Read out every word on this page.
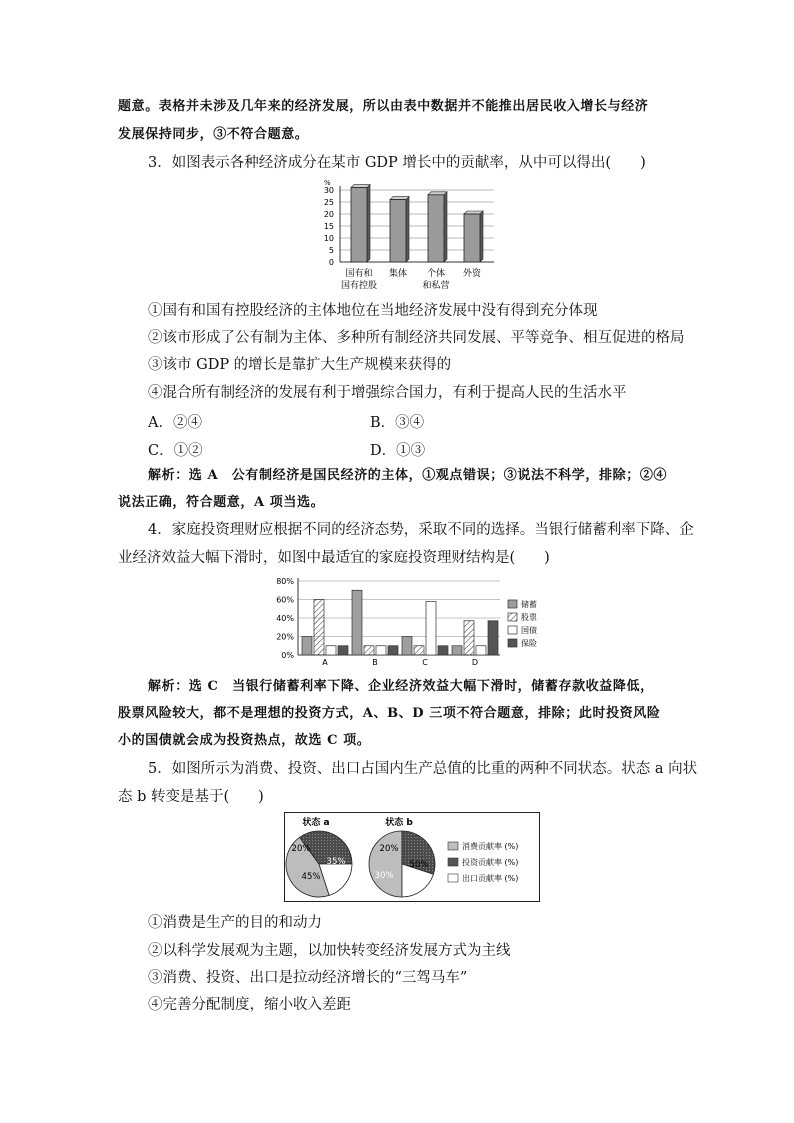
题意。表格并未涉及几年来的经济发展，所以由表中数据并不能推出居民收入增长与经济
发展保持同步，③不符合题意。
3．如图表示各种经济成分在某市 GDP 增长中的贡献率，从中可以得出(　　)
%
30
25
20
15
10
5
0
国有和
国有控股
集体 个体
和私营
外资
①国有和国有控股经济的主体地位在当地经济发展中没有得到充分体现
②该市形成了公有制为主体、多种所有制经济共同发展、平等竞争、相互促进的格局
③该市 GDP 的增长是靠扩大生产规模来获得的
④混合所有制经济的发展有利于增强综合国力，有利于提高人民的生活水平
A．②④	B．③④
C．①②	D．①③
解析：选 A　公有制经济是国民经济的主体，①观点错误；③说法不科学，排除；②④
说法正确，符合题意，A 项当选。
4．家庭投资理财应根据不同的经济态势，采取不同的选择。当银行储蓄利率下降、企
业经济效益大幅下滑时，如图中最适宜的家庭投资理财结构是(　　)
80%
60%
40%
20%
0%
A	B	C	D
储蓄
股票
国债
保险
解析：选 C　当银行储蓄利率下降、企业经济效益大幅下滑时，储蓄存款收益降低，
股票风险较大，都不是理想的投资方式，A、B、D 三项不符合题意，排除；此时投资风险
小的国债就会成为投资热点，故选 C 项。
5．如图所示为消费、投资、出口占国内生产总值的比重的两种不同状态。状态 a 向状
态 b 转变是基于(　　)
状态 a	状态 b
20%
35%
45%
20%
30%
50%
消费贡献率 (%)
投资贡献率 (%)
出口贡献率 (%)
①消费是生产的目的和动力
②以科学发展观为主题，以加快转变经济发展方式为主线
③消费、投资、出口是拉动经济增长的“三驾马车”
④完善分配制度，缩小收入差距
